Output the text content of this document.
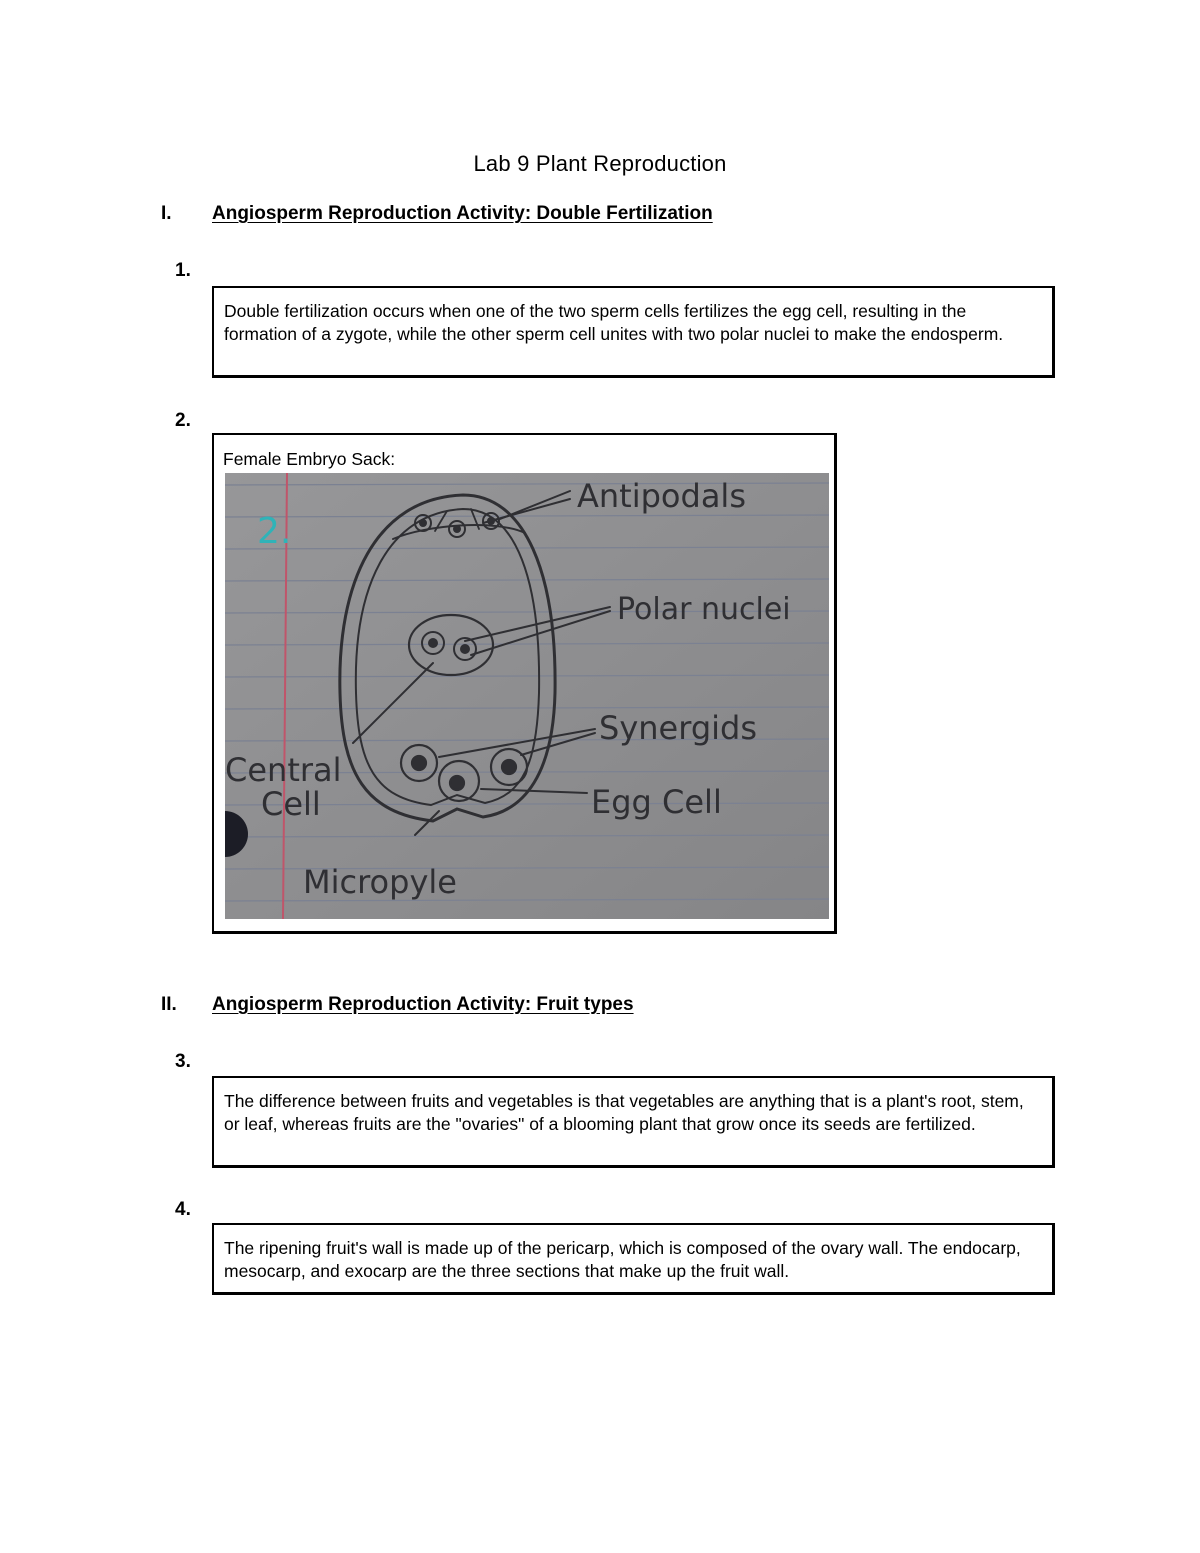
Lab 9 Plant Reproduction
I. Angiosperm Reproduction Activity: Double Fertilization
1.
Double fertilization occurs when one of the two sperm cells fertilizes the egg cell, resulting in the formation of a zygote, while the other sperm cell unites with two polar nuclei to make the endosperm.
2.
Female Embryo Sack:
2.
Antipodals
Polar nuclei
Synergids
Central
Cell	Egg Cell
Micropyle
II. Angiosperm Reproduction Activity: Fruit types
3.
The difference between fruits and vegetables is that vegetables are anything that is a plant's root, stem, or leaf, whereas fruits are the "ovaries" of a blooming plant that grow once its seeds are fertilized.
4.
The ripening fruit's wall is made up of the pericarp, which is composed of the ovary wall. The endocarp, mesocarp, and exocarp are the three sections that make up the fruit wall.
